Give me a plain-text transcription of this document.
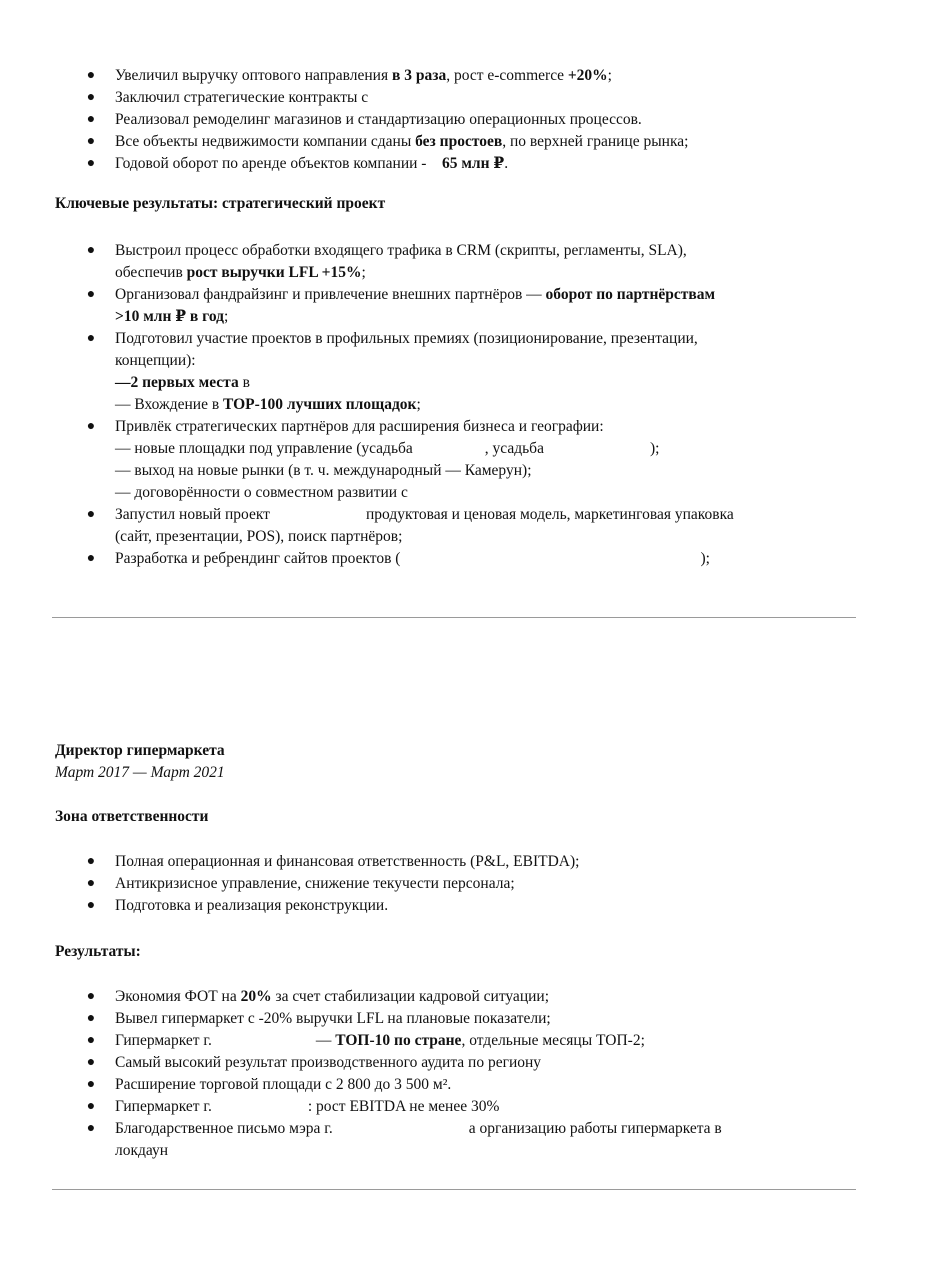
● Увеличил выручку оптового направления в 3 раза, рост e-commerce +20%;
● Заключил стратегические контракты с
● Реализовал ремоделинг магазинов и стандартизацию операционных процессов.
● Все объекты недвижимости компании сданы без простоев, по верхней границе рынка;
● Годовой оборот по аренде объектов компании -    65 млн ₽.

Ключевые результаты: стратегический проект

● Выстроил процесс обработки входящего трафика в CRM (скрипты, регламенты, SLA),
обеспечив рост выручки LFL +15%;
● Организовал фандрайзинг и привлечение внешних партнёров — оборот по партнёрствам
>10 млн ₽ в год;
● Подготовил участие проектов в профильных премиях (позиционирование, презентации,
концепции):
—2 первых места в
— Вхождение в TOP-100 лучших площадок;
● Привлёк стратегических партнёров для расширения бизнеса и географии:
— новые площадки под управление (усадьба	, усадьба	);
— выход на новые рынки (в т. ч. международный — Камерун);
— договорённости о совместном развитии с
● Запустил новый проект	продуктовая и ценовая модель, маркетинговая упаковка
(сайт, презентации, POS), поиск партнёров;
● Разработка и ребрендинг сайтов проектов (	);

Директор гипермаркета

Март 2017 — Март 2021

Зона ответственности

● Полная операционная и финансовая ответственность (P&L, EBITDA);
● Антикризисное управление, снижение текучести персонала;
● Подготовка и реализация реконструкции.

Результаты:

● Экономия ФОТ на 20% за счет стабилизации кадровой ситуации;
● Вывел гипермаркет с -20% выручки LFL на плановые показатели;
● Гипермаркет г.	— ТОП-10 по стране, отдельные месяцы ТОП-2;
● Самый высокий результат производственного аудита по региону
● Расширение торговой площади с 2 800 до 3 500 м².
● Гипермаркет г.	: рост EBITDA не менее 30%
● Благодарственное письмо мэра г.	а организацию работы гипермаркета в
локдаун
